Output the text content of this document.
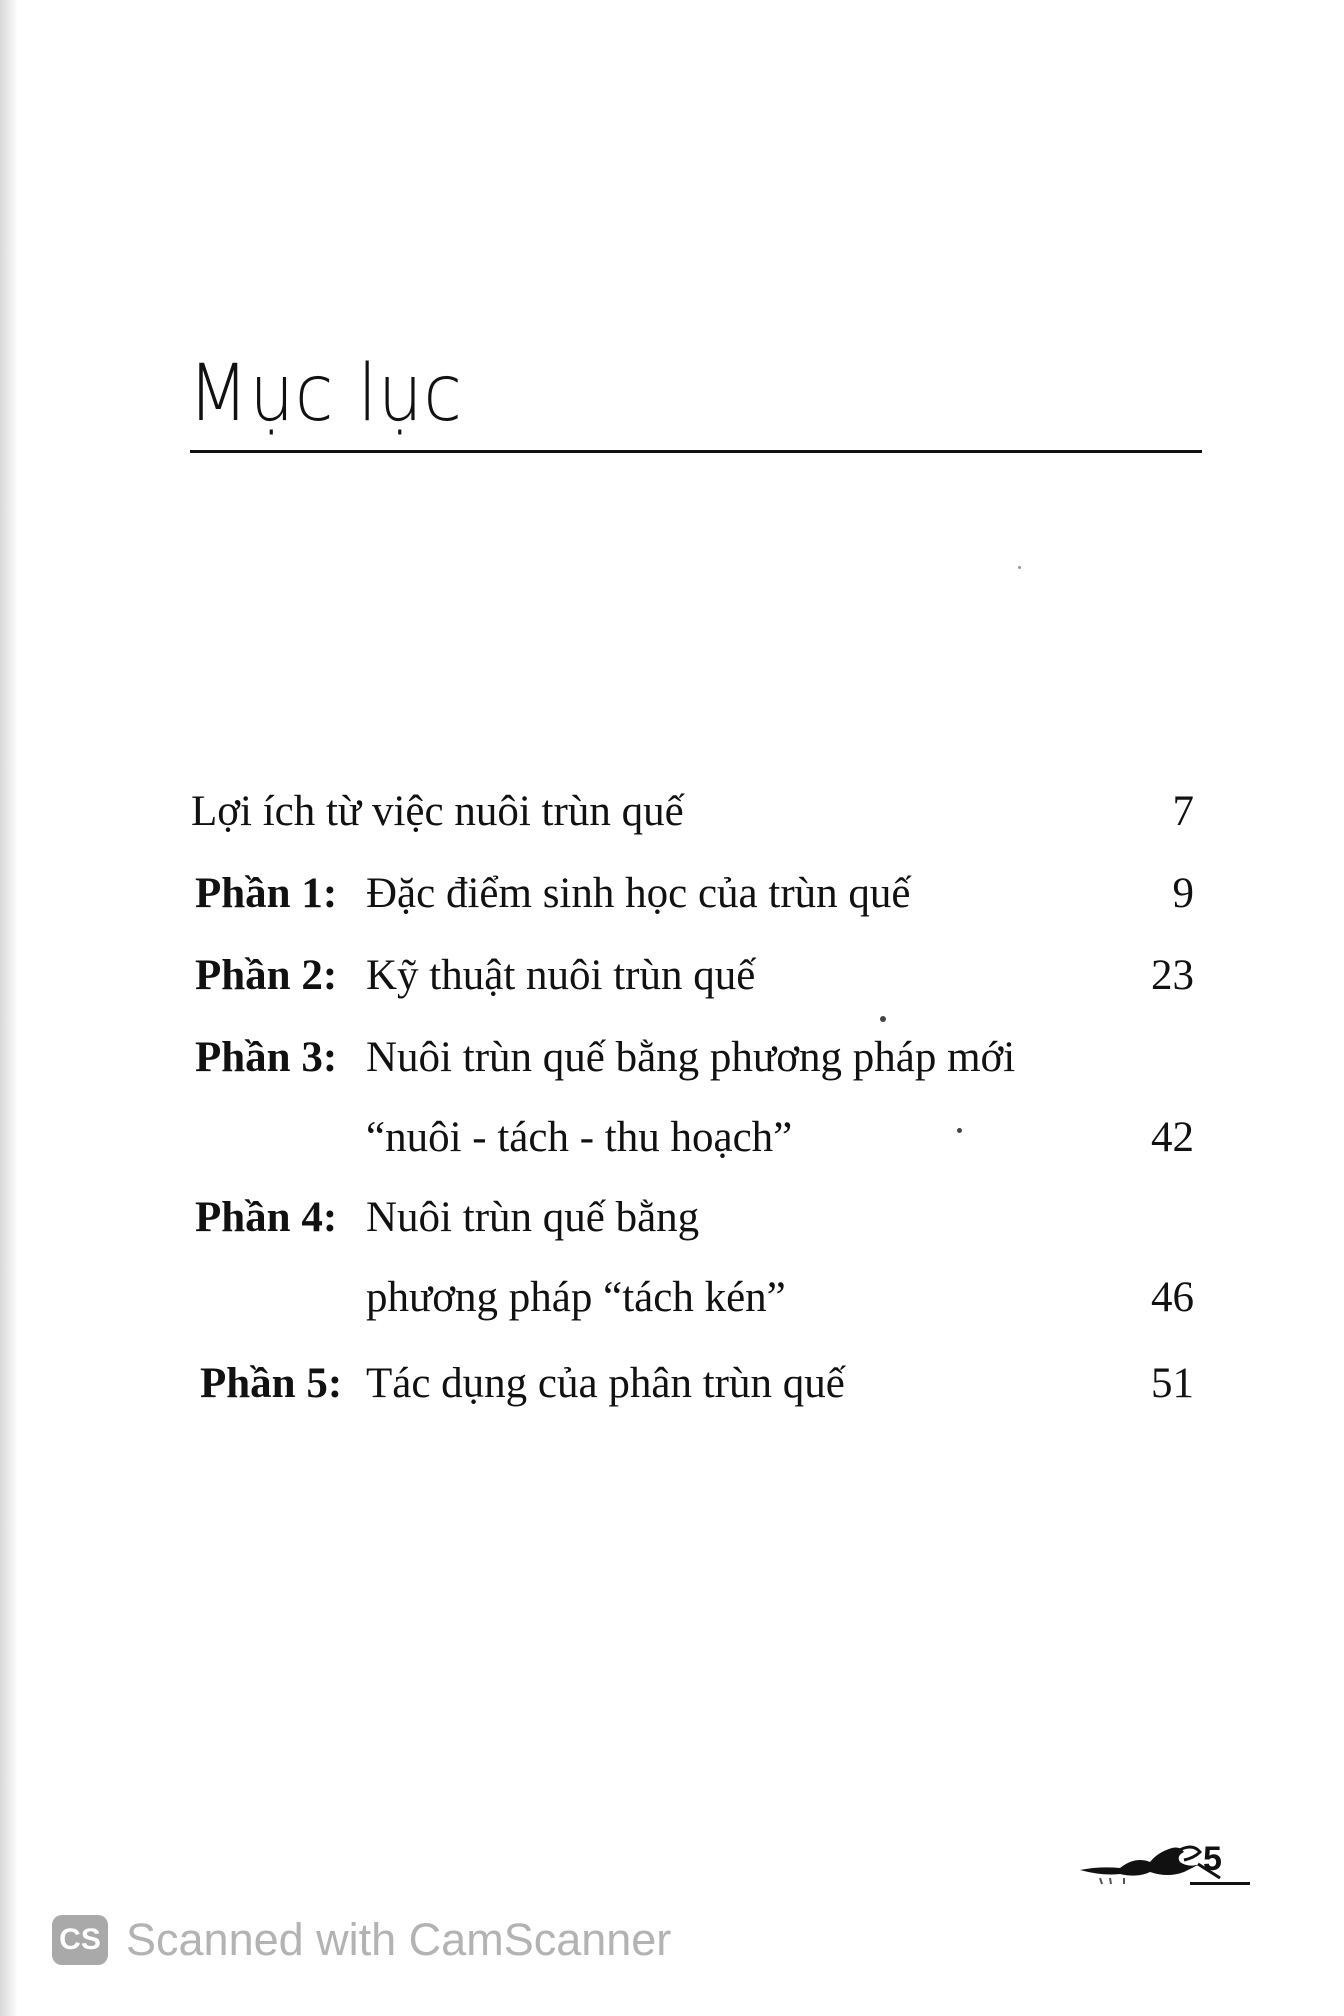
Mục lục
Lợi ích từ việc nuôi trùn quế	7
Phần 1: Đặc điểm sinh học của trùn quế	9
Phần 2: Kỹ thuật nuôi trùn quế	23
Phần 3: Nuôi trùn quế bằng phương pháp mới
“nuôi - tách - thu hoạch”	42
Phần 4: Nuôi trùn quế bằng
phương pháp “tách kén”	46
Phần 5: Tác dụng của phân trùn quế	51
5
CS Scanned with CamScanner
